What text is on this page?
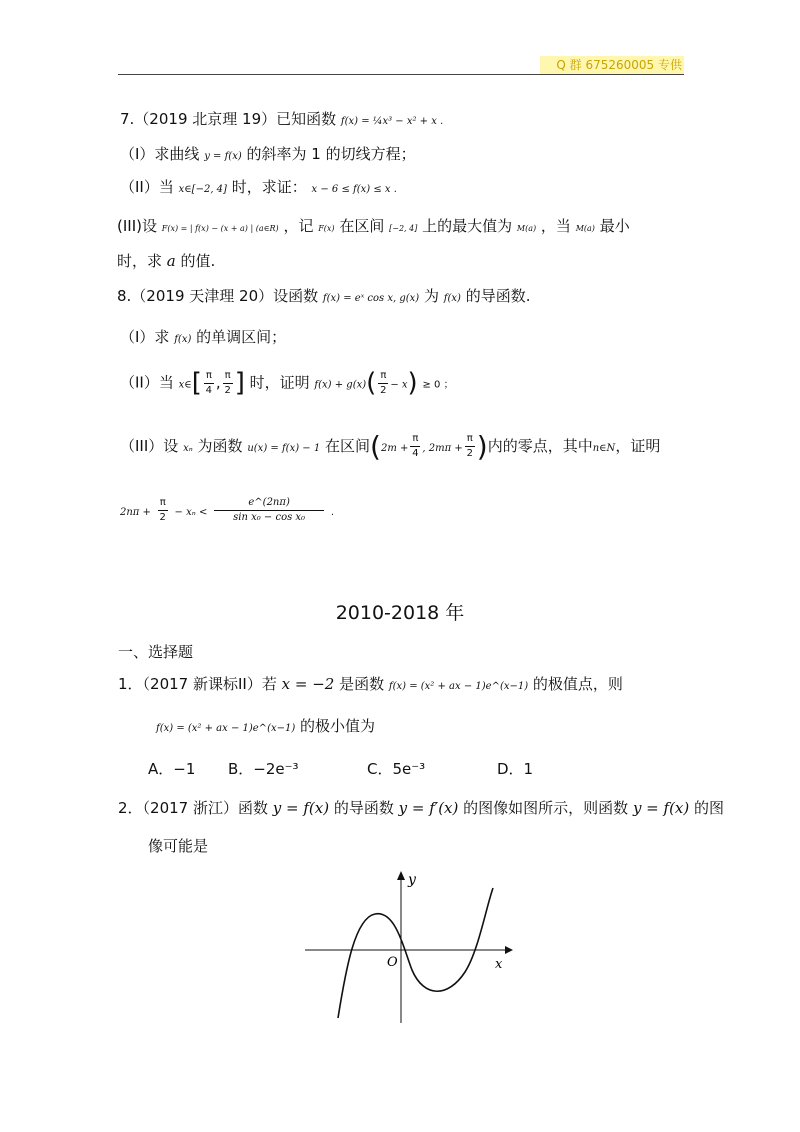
Q 群 675260005 专供
7.（2019 北京理 19）已知函数 f(x) = ¼x³ − x² + x .
（I）求曲线 y = f(x) 的斜率为 1 的切线方程；
（II）当 x∈[−2, 4] 时，求证： x − 6 ≤ f(x) ≤ x .
(III)设 F(x) = | f(x) − (x + a) | (a∈R) ，记 F(x) 在区间 [−2, 4] 上的最大值为 M(a) ，当 M(a) 最小
时，求 a 的值.
8.（2019 天津理 20）设函数 f(x) = eˣ cos x, g(x) 为 f(x) 的导函数.
（I）求 f(x) 的单调区间；
（II）当 x∈[ $\frac{\pi}{4}$ , $\frac{\pi}{2}$ ] 时，证明 $f(x) + g(x)( \frac{\pi}{2} - x) \ge 0$ ；
（III）设 xₙ 为函数 u(x) = f(x) − 1 在区间($2m + \frac{\pi}{4}$ , $2m\pi + \frac{\pi}{2}$ )内的零点，其中n∈N，证明
$2n\pi + \frac{\pi}{2} - x_n < \frac{e\^{}(2n\pi)}{\text{sin x₀ − cos x₀}}$ .
2010-2018 年
一、选择题
1．（2017 新课标II）若 x = −2 是函数 f(x) = (x² + ax − 1)e^(x−1) 的极值点，则
f(x) = (x² + ax − 1)e^(x−1) 的极小值为
A．−1 B．−2e⁻³	C．5e⁻³	D．1
2．（2017 浙江）函数 y = f(x) 的导函数 y = f′(x) 的图像如图所示，则函数 y = f(x) 的图
像可能是
y
x
O
